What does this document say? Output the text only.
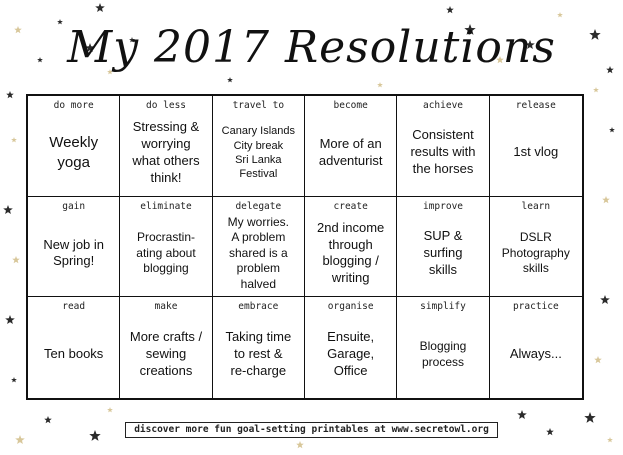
My 2017 Resolutions
do more
Weekly
yoga
do less
Stressing &
worrying
what others
think!
travel to
Canary Islands
City break
Sri Lanka
Festival
become
More of an
adventurist
achieve
Consistent
results with
the horses
release
1st vlog
gain
New job in
Spring!
eliminate
Procrastin-
ating about
blogging
delegate
My worries.
A problem
shared is a
problem
halved
create
2nd income
through
blogging /
writing
improve
SUP &
surfing
skills
learn
DSLR
Photography
skills
read
Ten books
make
More crafts /
sewing
creations
embrace
Taking time
to rest &
re-charge
organise
Ensuite,
Garage,
Office
simplify
Blogging
process
practice
Always...
discover more fun goal-setting printables at www.secretowl.org
